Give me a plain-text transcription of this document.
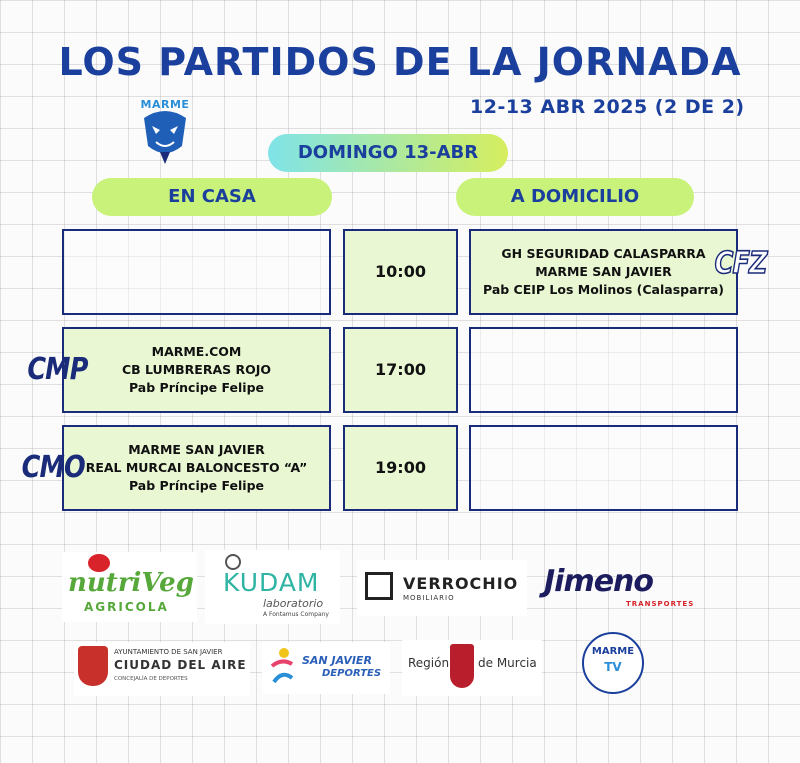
LOS PARTIDOS DE LA JORNADA
12-13 ABR 2025 (2 DE 2)
MARME
DOMINGO 13-ABR
EN CASA	A DOMICILIO
10:00
GH SEGURIDAD CALASPARRA
MARME SAN JAVIER
Pab CEIP Los Molinos (Calasparra)
CFZ
MARME.COM
CB LUMBRERAS ROJO
Pab Príncipe Felipe
17:00
CMP
MARME SAN JAVIER
REAL MURCAI BALONCESTO “A”
Pab Príncipe Felipe
19:00
CMO
nutriVeg
AGRICOLA
KUDAM
laboratorio
A Fontamus Company
VERROCHIO
MOBILIARIO	Jimeno
TRANSPORTES
AYUNTAMIENTO DE SAN JAVIER
CIUDAD DEL AIRE
CONCEJALÍA DE DEPORTES
SAN JAVIER
DEPORTES
Región de Murcia
MARME
TV
